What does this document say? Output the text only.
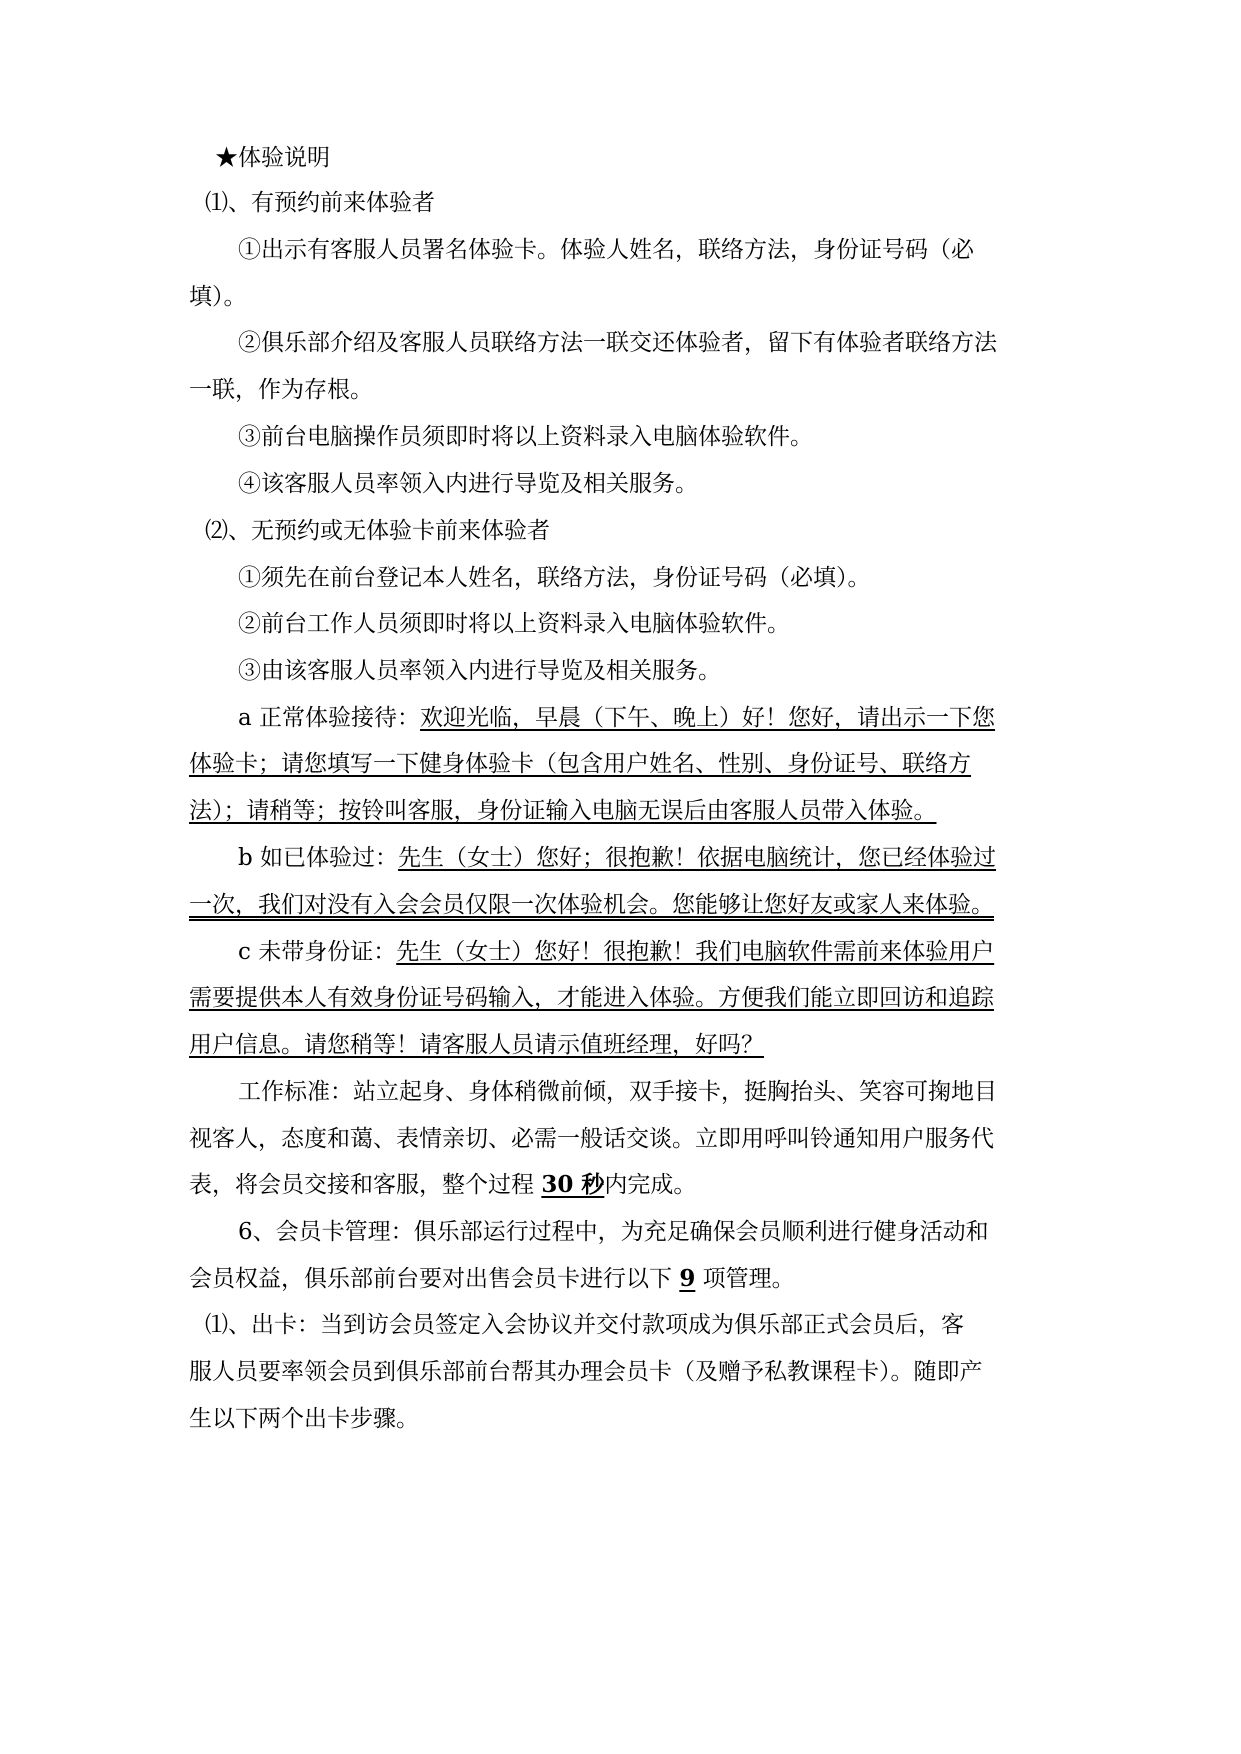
★体验说明
⑴、有预约前来体验者
①出示有客服人员署名体验卡。体验人姓名，联络方法，身份证号码（必
填）。
②俱乐部介绍及客服人员联络方法一联交还体验者，留下有体验者联络方法
一联，作为存根。
③前台电脑操作员须即时将以上资料录入电脑体验软件。
④该客服人员率领入内进行导览及相关服务。
⑵、无预约或无体验卡前来体验者
①须先在前台登记本人姓名，联络方法，身份证号码（必填）。
②前台工作人员须即时将以上资料录入电脑体验软件。
③由该客服人员率领入内进行导览及相关服务。
a 正常体验接待：欢迎光临，早晨（下午、晚上）好！您好，请出示一下您
体验卡；请您填写一下健身体验卡（包含用户姓名、性别、身份证号、联络方
法）；请稍等；按铃叫客服，身份证输入电脑无误后由客服人员带入体验。
b 如已体验过：先生（女士）您好；很抱歉！依据电脑统计，您已经体验过
一次，我们对没有入会会员仅限一次体验机会。您能够让您好友或家人来体验。
c 未带身份证：先生（女士）您好！很抱歉！我们电脑软件需前来体验用户
需要提供本人有效身份证号码输入，才能进入体验。方便我们能立即回访和追踪
用户信息。请您稍等！请客服人员请示值班经理，好吗？
工作标准：站立起身、身体稍微前倾，双手接卡，挺胸抬头、笑容可掬地目
视客人，态度和蔼、表情亲切、必需一般话交谈。立即用呼叫铃通知用户服务代
表，将会员交接和客服，整个过程 30 秒内完成。
6、会员卡管理：俱乐部运行过程中，为充足确保会员顺利进行健身活动和
会员权益，俱乐部前台要对出售会员卡进行以下 9 项管理。
⑴、出卡：当到访会员签定入会协议并交付款项成为俱乐部正式会员后，客
服人员要率领会员到俱乐部前台帮其办理会员卡（及赠予私教课程卡）。随即产
生以下两个出卡步骤。
